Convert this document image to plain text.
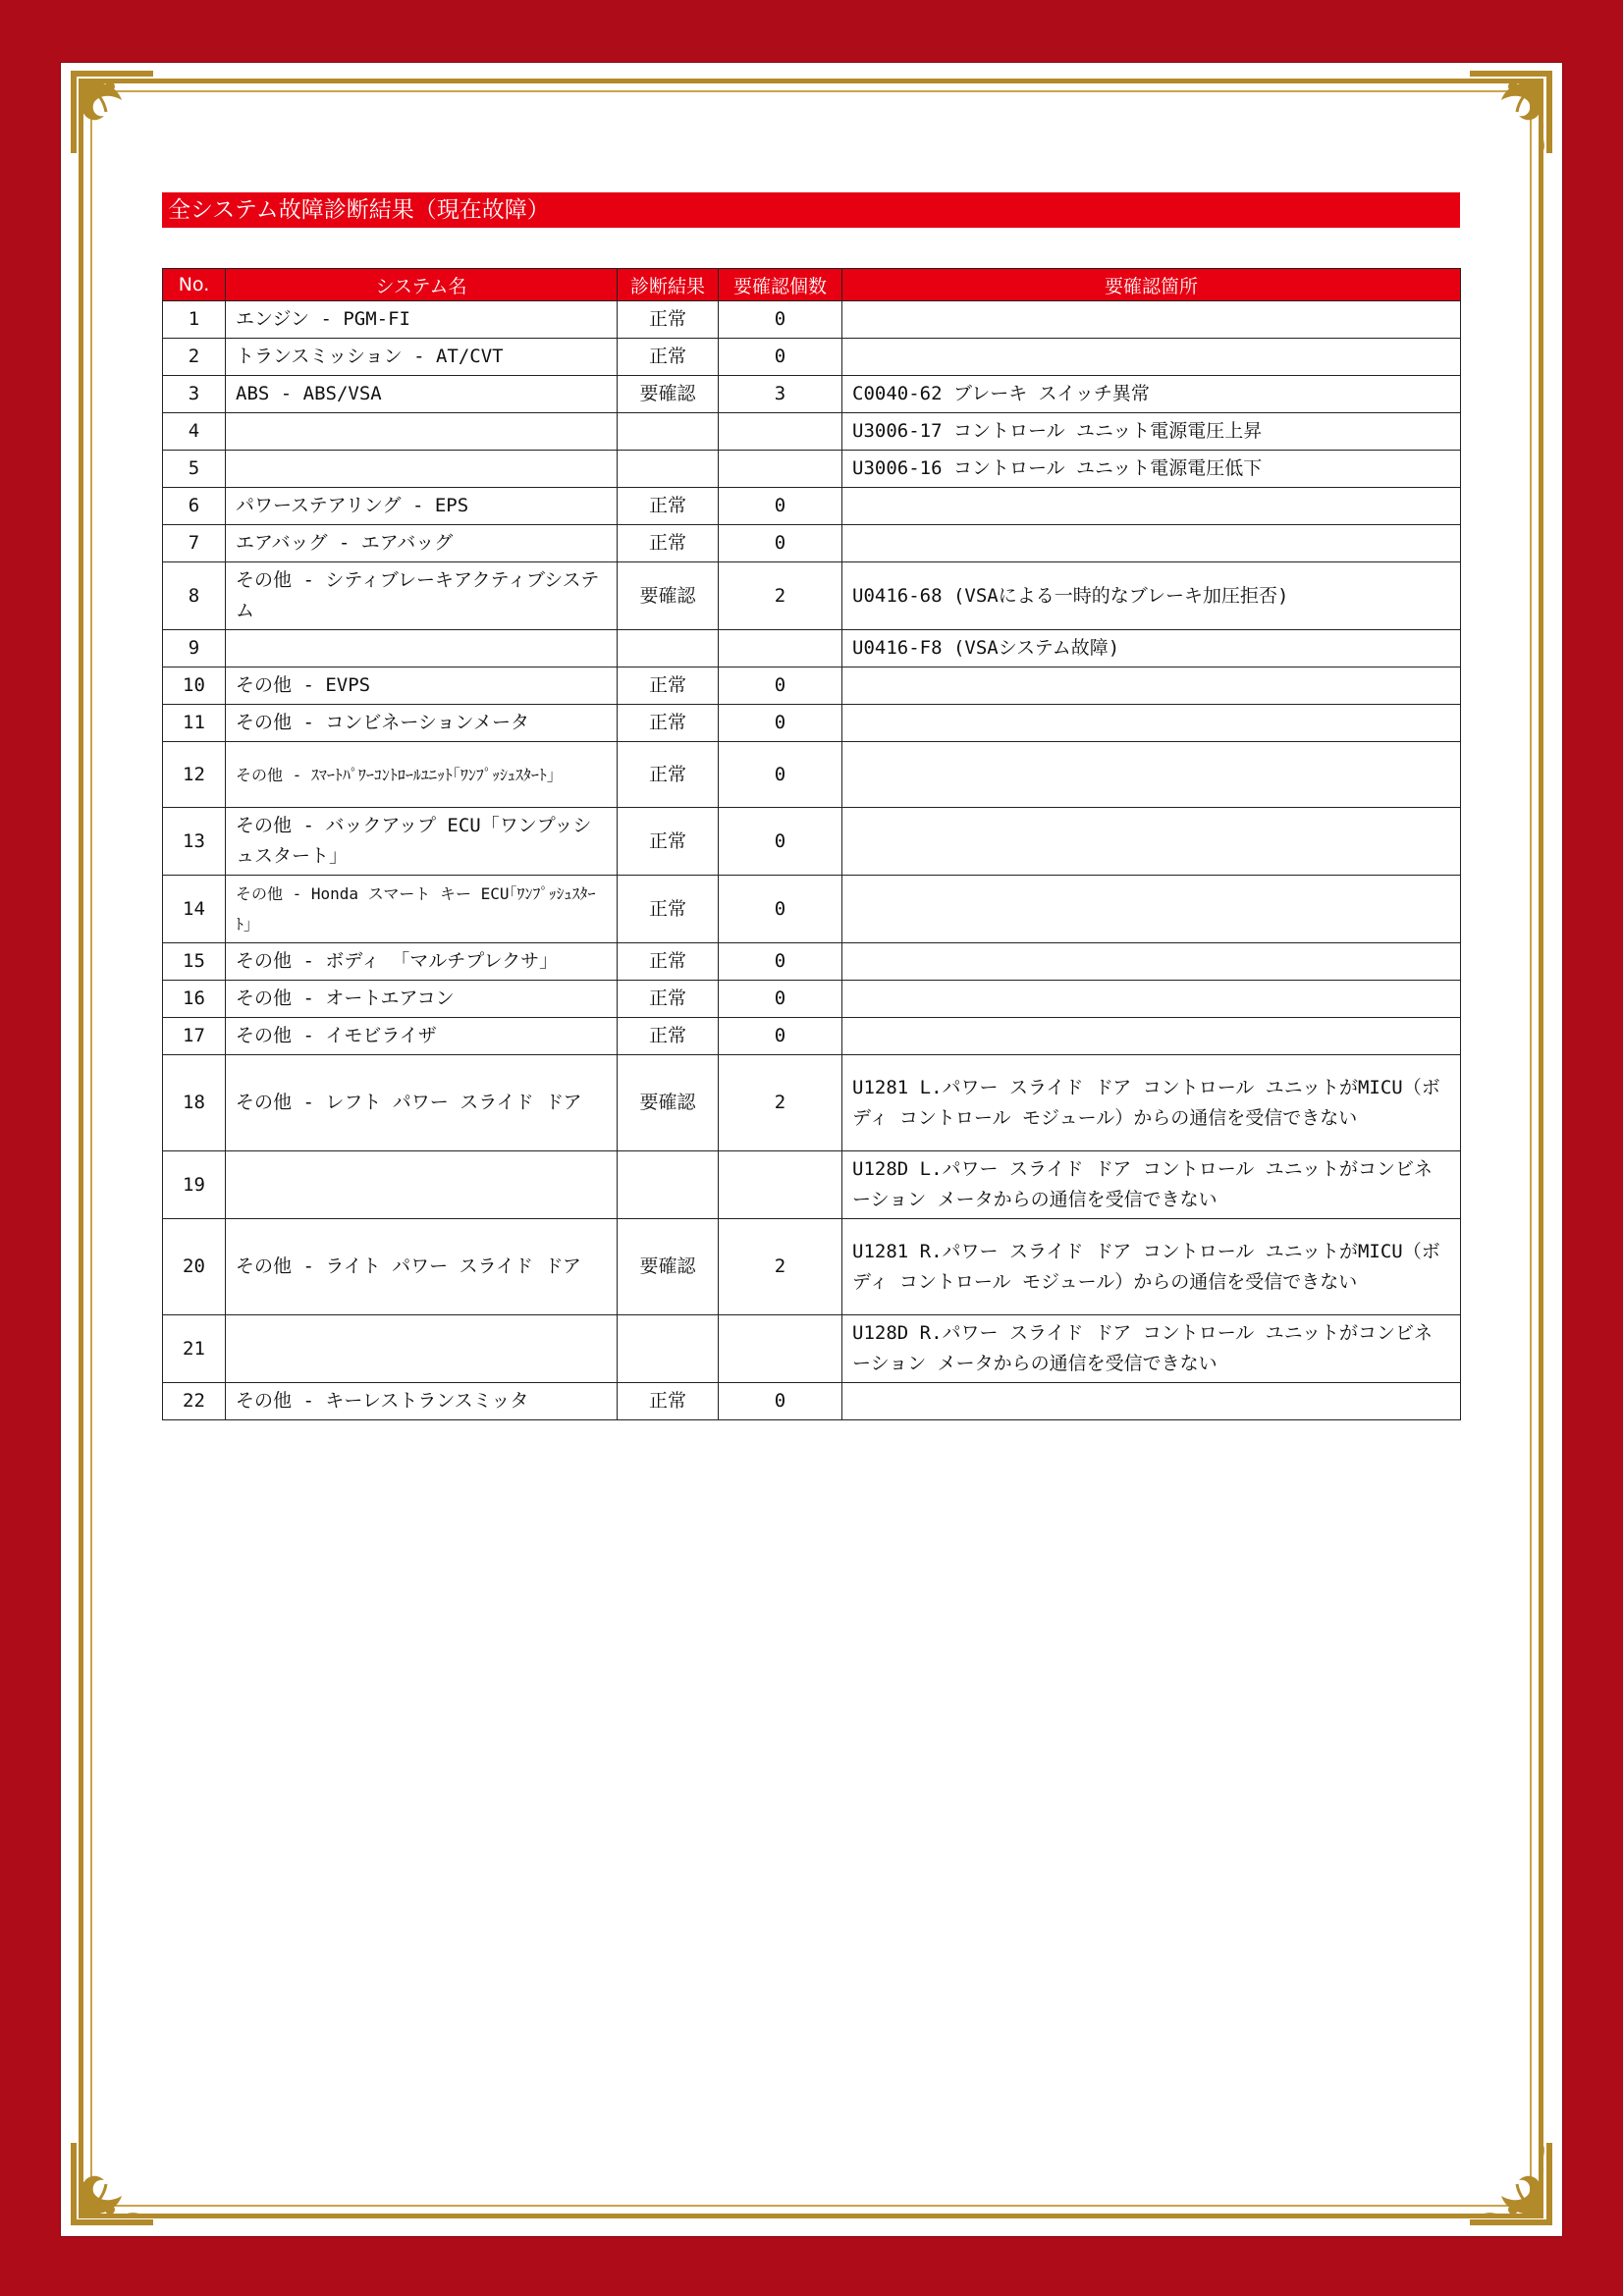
全システム故障診断結果（現在故障）
No.	システム名	診断結果	要確認個数	要確認箇所
1	エンジン - PGM-FI	正常	0	
2	トランスミッション - AT/CVT	正常	0	
3	ABS - ABS/VSA	要確認	3	C0040-62 ブレーキ スイッチ異常
4				U3006-17 コントロール ユニット電源電圧上昇
5				U3006-16 コントロール ユニット電源電圧低下
6	パワーステアリング - EPS	正常	0	
7	エアバッグ - エアバッグ	正常	0	
8	その他 - シティブレーキアクティブシステム	要確認	2	U0416-68 (VSAによる一時的なブレーキ加圧拒否)
9				U0416-F8 (VSAシステム故障)
10	その他 - EVPS	正常	0	
11	その他 - コンビネーションメータ	正常	0	
12	その他 - ｽﾏｰﾄﾊﾟﾜｰｺﾝﾄﾛｰﾙﾕﾆｯﾄ｢ﾜﾝﾌﾟｯｼｭｽﾀｰﾄ｣	正常	0	
13	その他 - バックアップ ECU「ワンプッシュスタート」	正常	0	
14	その他 - Honda スマート キー ECU｢ﾜﾝﾌﾟｯｼｭｽﾀｰﾄ｣	正常	0	
15	その他 - ボディ 「マルチプレクサ」	正常	0	
16	その他 - オートエアコン	正常	0	
17	その他 - イモビライザ	正常	0	
18	その他 - レフト パワー スライド ドア	要確認	2	U1281 L.パワー スライド ドア コントロール ユニットがMICU（ボディ コントロール モジュール）からの通信を受信できない
19				U128D L.パワー スライド ドア コントロール ユニットがコンビネーション メータからの通信を受信できない
20	その他 - ライト パワー スライド ドア	要確認	2	U1281 R.パワー スライド ドア コントロール ユニットがMICU（ボディ コントロール モジュール）からの通信を受信できない
21				U128D R.パワー スライド ドア コントロール ユニットがコンビネーション メータからの通信を受信できない
22	その他 - キーレストランスミッタ	正常	0	
